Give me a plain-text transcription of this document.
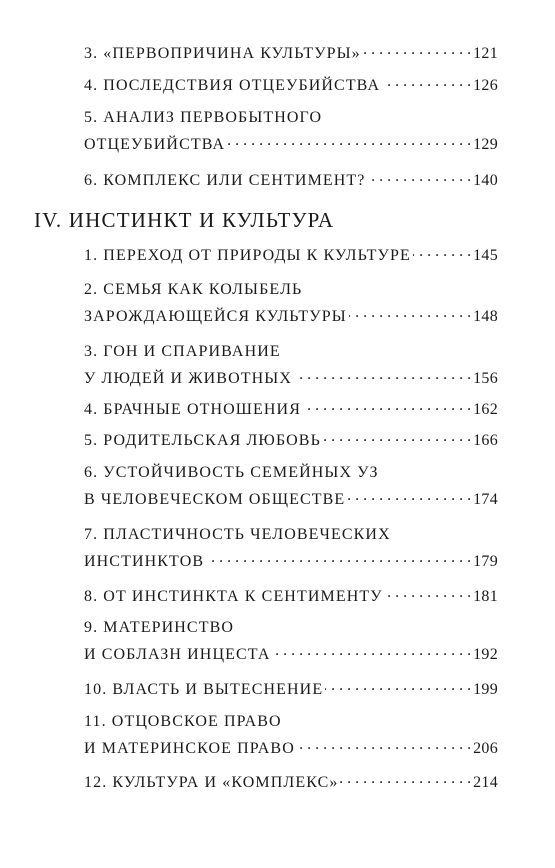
3. «ПЕРВОПРИЧИНА КУЛЬТУРЫ» . . .	121
4. ПОСЛЕДСТВИЯ ОТЦЕУБИЙСТВА . . .	126
5. АНАЛИЗ ПЕРВОБЫТНОГО
ОТЦЕУБИЙСТВА . . .	129
6. КОМПЛЕКС ИЛИ СЕНТИМЕНТ? . . .	140
IV. ИНСТИНКТ И КУЛЬТУРА
1. ПЕРЕХОД ОТ ПРИРОДЫ К КУЛЬТУРЕ . . .	145
2. СЕМЬЯ КАК КОЛЫБЕЛЬ
ЗАРОЖДАЮЩЕЙСЯ КУЛЬТУРЫ . . .	148
3. ГОН И СПАРИВАНИЕ
У ЛЮДЕЙ И ЖИВОТНЫХ . . .	156
4. БРАЧНЫЕ ОТНОШЕНИЯ . . .	162
5. РОДИТЕЛЬСКАЯ ЛЮБОВЬ . . .	166
6. УСТОЙЧИВОСТЬ СЕМЕЙНЫХ УЗ
В ЧЕЛОВЕЧЕСКОМ ОБЩЕСТВЕ . . .	174
7. ПЛАСТИЧНОСТЬ ЧЕЛОВЕЧЕСКИХ
ИНСТИНКТОВ . . .	179
8. ОТ ИНСТИНКТА К СЕНТИМЕНТУ . . .	181
9. МАТЕРИНСТВО
И СОБЛАЗН ИНЦЕСТА . . .	192
10. ВЛАСТЬ И ВЫТЕСНЕНИЕ . . .	199
11. ОТЦОВСКОЕ ПРАВО
И МАТЕРИНСКОЕ ПРАВО . . .	206
12. КУЛЬТУРА И «КОМПЛЕКС» . . .	214
